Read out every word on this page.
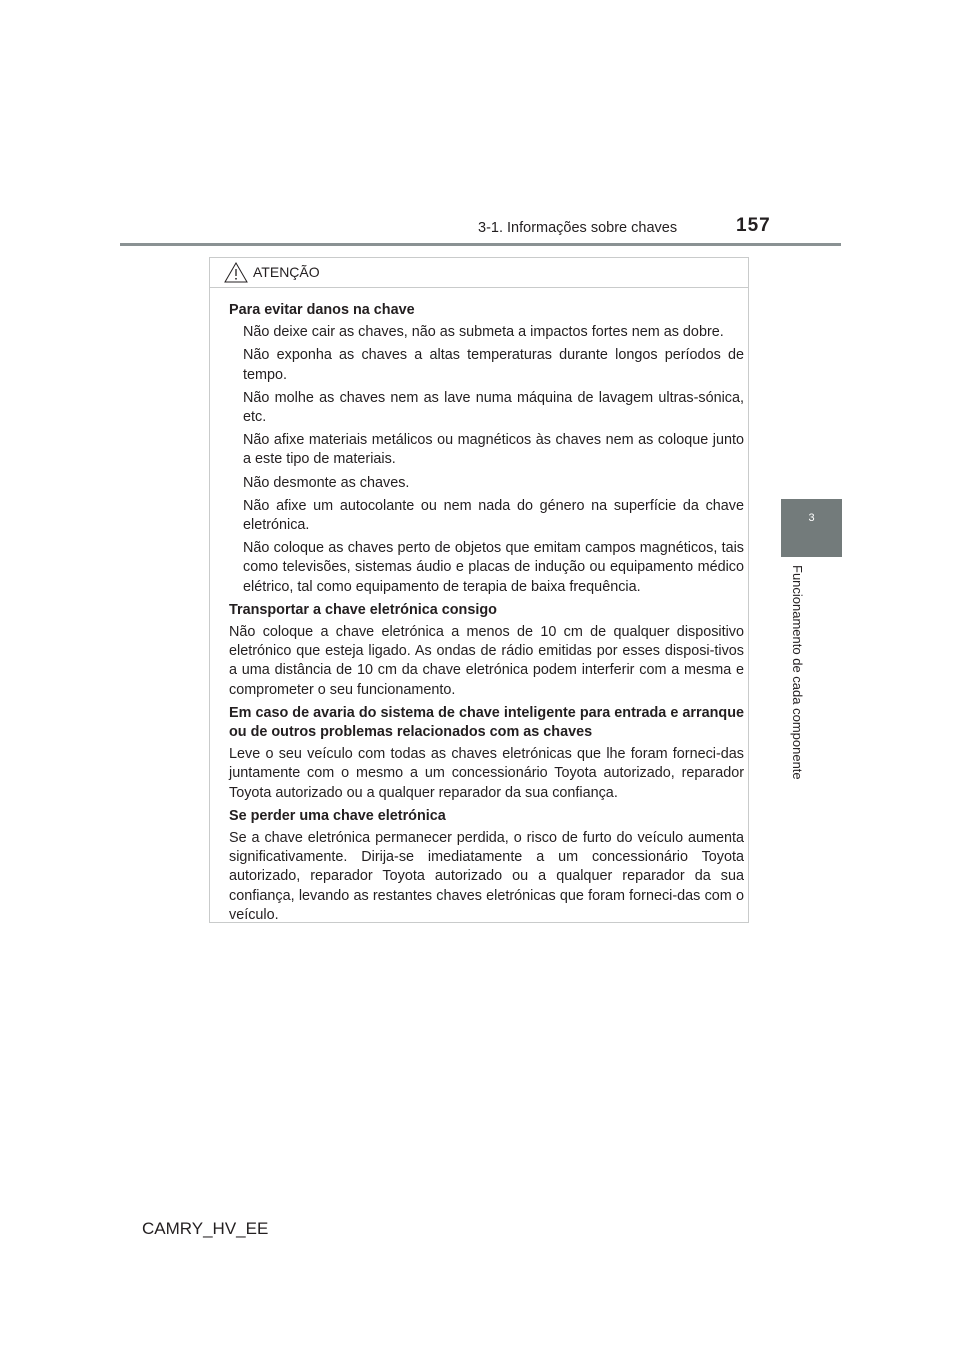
3-1. Informações sobre chaves	157
3
Funcionamento de cada componente
ATENÇÃO
Para evitar danos na chave
Não deixe cair as chaves, não as submeta a impactos fortes nem as dobre.
Não exponha as chaves a altas temperaturas durante longos períodos de tempo.
Não molhe as chaves nem as lave numa máquina de lavagem ultras-sónica, etc.
Não afixe materiais metálicos ou magnéticos às chaves nem as coloque junto a este tipo de materiais.
Não desmonte as chaves.
Não afixe um autocolante ou nem nada do género na superfície da chave eletrónica.
Não coloque as chaves perto de objetos que emitam campos magnéticos, tais como televisões, sistemas áudio e placas de indução ou equipamento médico elétrico, tal como equipamento de terapia de baixa frequência.
Transportar a chave eletrónica consigo
Não coloque a chave eletrónica a menos de 10 cm de qualquer dispositivo eletrónico que esteja ligado. As ondas de rádio emitidas por esses disposi-tivos a uma distância de 10 cm da chave eletrónica podem interferir com a mesma e comprometer o seu funcionamento.
Em caso de avaria do sistema de chave inteligente para entrada e arranque ou de outros problemas relacionados com as chaves
Leve o seu veículo com todas as chaves eletrónicas que lhe foram forneci-das juntamente com o mesmo a um concessionário Toyota autorizado, reparador Toyota autorizado ou a qualquer reparador da sua confiança.
Se perder uma chave eletrónica
Se a chave eletrónica permanecer perdida, o risco de furto do veículo aumenta significativamente. Dirija-se imediatamente a um concessionário Toyota autorizado, reparador Toyota autorizado ou a qualquer reparador da sua confiança, levando as restantes chaves eletrónicas que foram forneci-das com o veículo.
CAMRY_HV_EE
